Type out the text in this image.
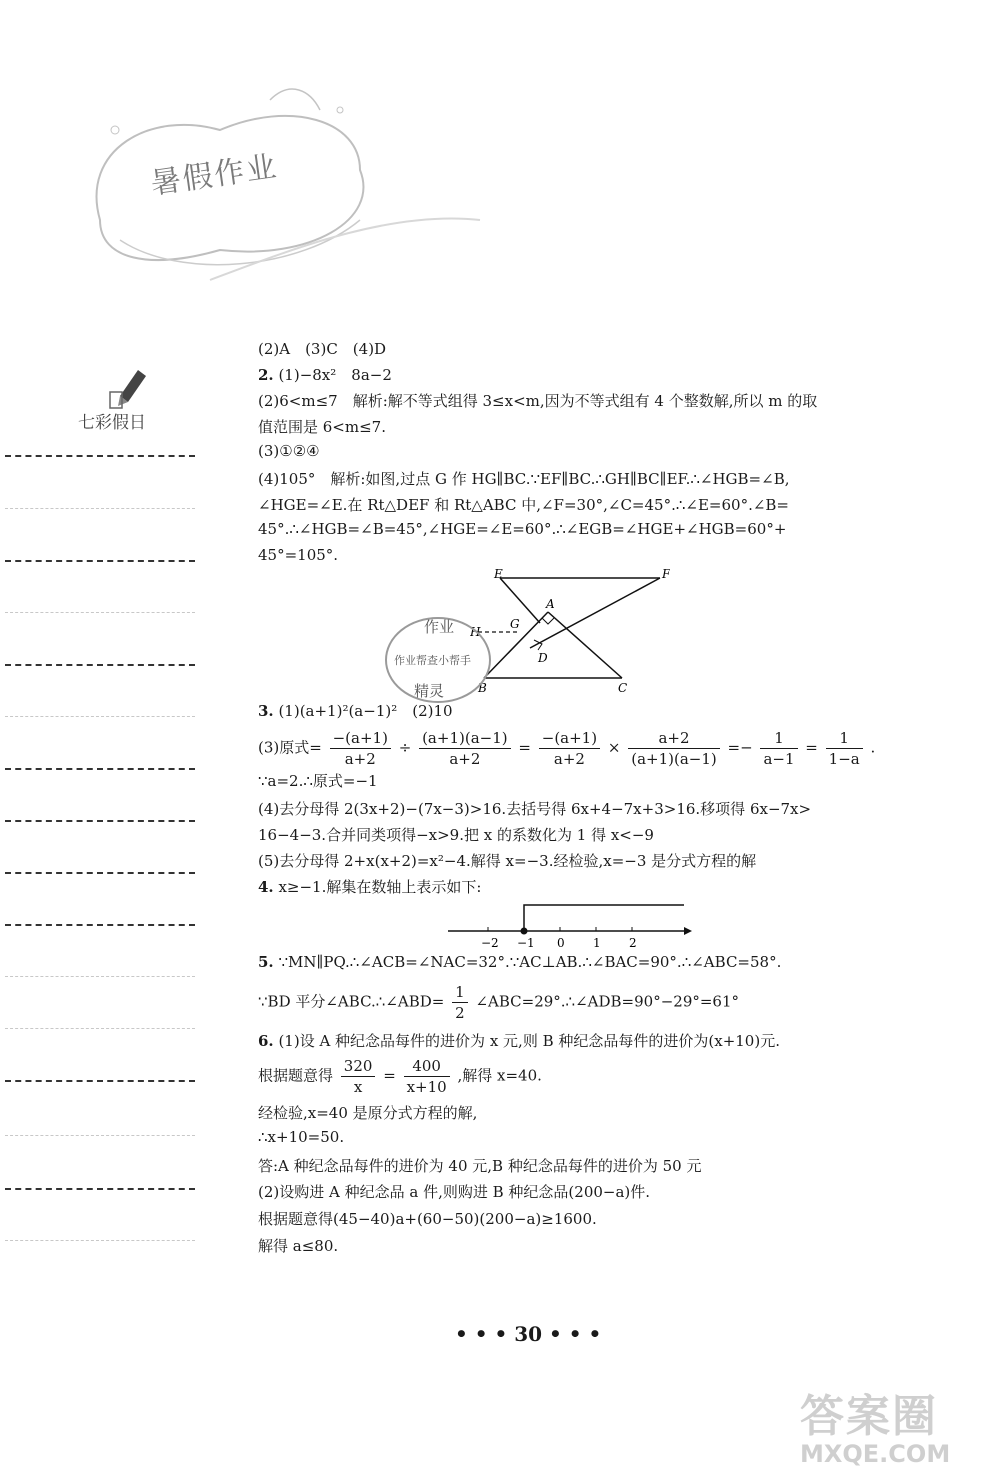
暑假作业
七彩假日
(2)A　(3)C　(4)D
2. (1)−8x²　8a−2
(2)6<m≤7　解析:解不等式组得 3≤x<m,因为不等式组有 4 个整数解,所以 m 的取
值范围是 6<m≤7.
(3)①②④
(4)105°　解析:如图,过点 G 作 HG∥BC.∵EF∥BC.∴GH∥BC∥EF.∴∠HGB=∠B,
∠HGE=∠E.在 Rt△DEF 和 Rt△ABC 中,∠F=30°,∠C=45°.∴∠E=60°.∠B=
45°.∴∠HGB=∠B=45°,∠HGE=∠E=60°.∴∠EGB=∠HGE+∠HGB=60°+
45°=105°.
E	F
A
H
G
D
B	C
作业
作业帮查小帮手
精灵
3. (1)(a+1)²(a−1)²　(2)10
(3)原式= $\frac{-(a+1)}{a+2} \div \frac{(a+1)(a-1)}{a+2} = \frac{-(a+1)}{a+2} \times \frac{a+2}{(a+1)(a-1)} =- \frac{1}{a-1} = \frac{1}{1-a}$ .
∵a=2.∴原式=−1
(4)去分母得 2(3x+2)−(7x−3)>16.去括号得 6x+4−7x+3>16.移项得 6x−7x>
16−4−3.合并同类项得−x>9.把 x 的系数化为 1 得 x<−9
(5)去分母得 2+x(x+2)=x²−4.解得 x=−3.经检验,x=−3 是分式方程的解
4. x≥−1.解集在数轴上表示如下:
−2 −1 0 1 2
5. ∵MN∥PQ.∴∠ACB=∠NAC=32°.∵AC⊥AB.∴∠BAC=90°.∴∠ABC=58°.
∵BD 平分∠ABC.∴∠ABD= $\frac{1}{2}$ ∠ABC=29°.∴∠ADB=90°−29°=61°
6. (1)设 A 种纪念品每件的进价为 x 元,则 B 种纪念品每件的进价为(x+10)元.
根据题意得 $\frac{320}{x} = \frac{400}{x+10}$ ,解得 x=40.
经检验,x=40 是原分式方程的解,
∴x+10=50.
答:A 种纪念品每件的进价为 40 元,B 种纪念品每件的进价为 50 元
(2)设购进 A 种纪念品 a 件,则购进 B 种纪念品(200−a)件.
根据题意得(45−40)a+(60−50)(200−a)≥1600.
解得 a≤80.
• • • 30 • • •
答案圈
MXQE.COM
